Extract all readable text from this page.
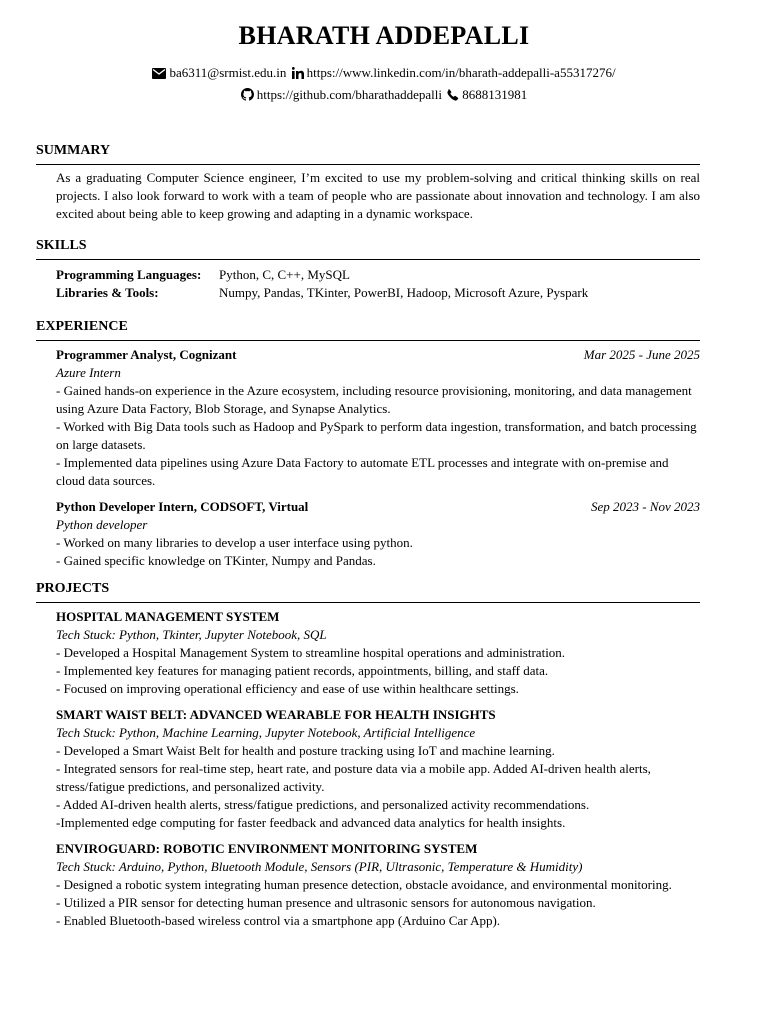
BHARATH ADDEPALLI
ba6311@srmist.edu.in https://www.linkedin.com/in/bharath-addepalli-a55317276/
https://github.com/bharathaddepalli 8688131981
SUMMARY
As a graduating Computer Science engineer, I’m excited to use my problem-solving and critical thinking skills on real projects. I also look forward to work with a team of people who are passionate about innovation and technology. I am also excited about being able to keep growing and adapting in a dynamic workspace.
SKILLS
Programming Languages:	Python, C, C++, MySQL
Libraries & Tools:	Numpy, Pandas, TKinter, PowerBI, Hadoop, Microsoft Azure, Pyspark
EXPERIENCE
Programmer Analyst, Cognizant	Mar 2025 - June 2025
Azure Intern
- Gained hands-on experience in the Azure ecosystem, including resource provisioning, monitoring, and data management using Azure Data Factory, Blob Storage, and Synapse Analytics.
- Worked with Big Data tools such as Hadoop and PySpark to perform data ingestion, transformation, and batch processing on large datasets.
- Implemented data pipelines using Azure Data Factory to automate ETL processes and integrate with on-premise and cloud data sources.
Python Developer Intern, CODSOFT, Virtual	Sep 2023 - Nov 2023
Python developer
- Worked on many libraries to develop a user interface using python.
- Gained specific knowledge on TKinter, Numpy and Pandas.
PROJECTS
HOSPITAL MANAGEMENT SYSTEM
Tech Stuck: Python, Tkinter, Jupyter Notebook, SQL
- Developed a Hospital Management System to streamline hospital operations and administration.
- Implemented key features for managing patient records, appointments, billing, and staff data.
- Focused on improving operational efficiency and ease of use within healthcare settings.
SMART WAIST BELT: ADVANCED WEARABLE FOR HEALTH INSIGHTS
Tech Stuck: Python, Machine Learning, Jupyter Notebook, Artificial Intelligence
- Developed a Smart Waist Belt for health and posture tracking using IoT and machine learning.
- Integrated sensors for real-time step, heart rate, and posture data via a mobile app. Added AI-driven health alerts, stress/fatigue predictions, and personalized activity.
- Added AI-driven health alerts, stress/fatigue predictions, and personalized activity recommendations.
-Implemented edge computing for faster feedback and advanced data analytics for health insights.
ENVIROGUARD: ROBOTIC ENVIRONMENT MONITORING SYSTEM
Tech Stuck: Arduino, Python, Bluetooth Module, Sensors (PIR, Ultrasonic, Temperature & Humidity)
- Designed a robotic system integrating human presence detection, obstacle avoidance, and environmental monitoring.
- Utilized a PIR sensor for detecting human presence and ultrasonic sensors for autonomous navigation.
- Enabled Bluetooth-based wireless control via a smartphone app (Arduino Car App).
